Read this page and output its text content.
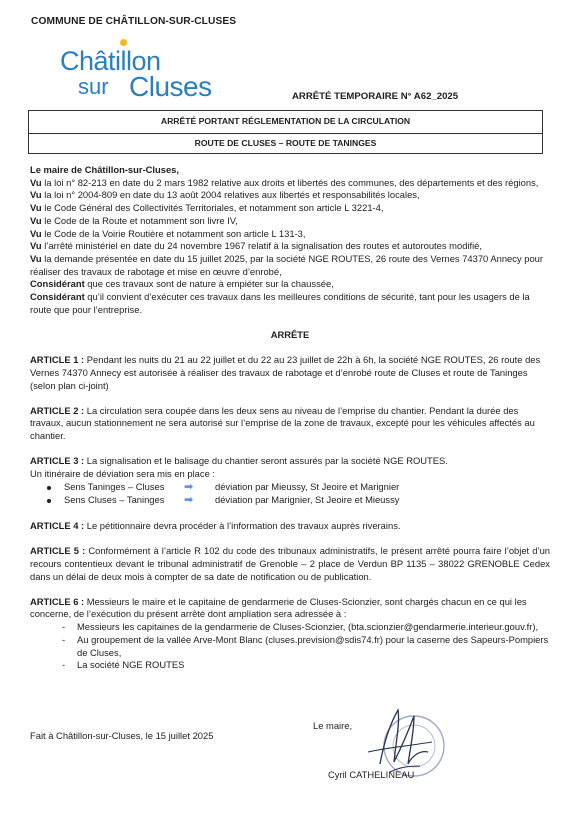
COMMUNE DE CHÂTILLON-SUR-CLUSES
Châtillon
sur Cluses	ARRÊTÉ TEMPORAIRE N° A62_2025
ARRÊTÉ PORTANT RÉGLEMENTATION DE LA CIRCULATION
ROUTE DE CLUSES – ROUTE DE TANINGES

Le maire de Châtillon-sur-Cluses,

Vu la loi n° 82-213 en date du 2 mars 1982 relative aux droits et libertés des communes, des départements et des régions,

Vu la loi n° 2004-809 en date du 13 août 2004 relatives aux libertés et responsabilités locales,

Vu le Code Général des Collectivités Territoriales, et notamment son article L 3221-4,

Vu le Code de la Route et notamment son livre IV,

Vu le Code de la Voirie Routière et notamment son article L 131-3,

Vu l’arrêté ministériel en date du 24 novembre 1967 relatif à la signalisation des routes et autoroutes modifié,

Vu la demande présentée en date du 15 juillet 2025, par la société NGE ROUTES, 26 route des Vernes 74370 Annecy pour réaliser des travaux de rabotage et mise en œuvre d’enrobé,

Considérant que ces travaux sont de nature à empiéter sur la chaussée,

Considérant qu’il convient d’exécuter ces travaux dans les meilleures conditions de sécurité, tant pour les usagers de la route que pour l’entreprise.

ARRÊTE

ARTICLE 1 : Pendant les nuits du 21 au 22 juillet et du 22 au 23 juillet de 22h à 6h, la société NGE ROUTES, 26 route des Vernes 74370 Annecy est autorisée à réaliser des travaux de rabotage et d’enrobé route de Cluses et route de Taninges (selon plan ci-joint)

ARTICLE 2 : La circulation sera coupée dans les deux sens au niveau de l’emprise du chantier. Pendant la durée des travaux, aucun stationnement ne sera autorisé sur l’emprise de la zone de travaux, excepté pour les véhicules affectés au chantier.

ARTICLE 3 : La signalisation et le balisage du chantier seront assurés par la société NGE ROUTES.

Un itinéraire de déviation sera mis en place :

Sens Taninges – Cluses ➡ déviation par Mieussy, St Jeoire et Marignier
Sens Cluses – Taninges ➡ déviation par Marignier, St Jeoire et Mieussy

ARTICLE 4 : Le pétitionnaire devra procéder à l’information des travaux auprès riverains.

ARTICLE 5 : Conformément à l’article R 102 du code des tribunaux administratifs, le présent arrêté pourra faire l’objet d’un recours contentieux devant le tribunal administratif de Grenoble – 2 place de Verdun BP 1135 – 38022 GRENOBLE Cedex dans un délai de deux mois à compter de sa date de notification ou de publication.

ARTICLE 6 : Messieurs le maire et le capitaine de gendarmerie de Cluses-Scionzier, sont chargés chacun en ce qui les concerne, de l’exécution du présent arrêté dont ampliation sera adressée à :

- Messieurs les capitaines de la gendarmerie de Cluses-Scionzier, (bta.scionzier@gendarmerie.interieur.gouv.fr),
- Au groupement de la vallée Arve-Mont Blanc (cluses.prevision@sdis74.fr) pour la caserne des Sapeurs-Pompiers de Cluses,
- La société NGE ROUTES
Fait à Châtillon-sur-Cluses, le 15 juillet 2025
Le maire,
Cyril CATHELINEAU
